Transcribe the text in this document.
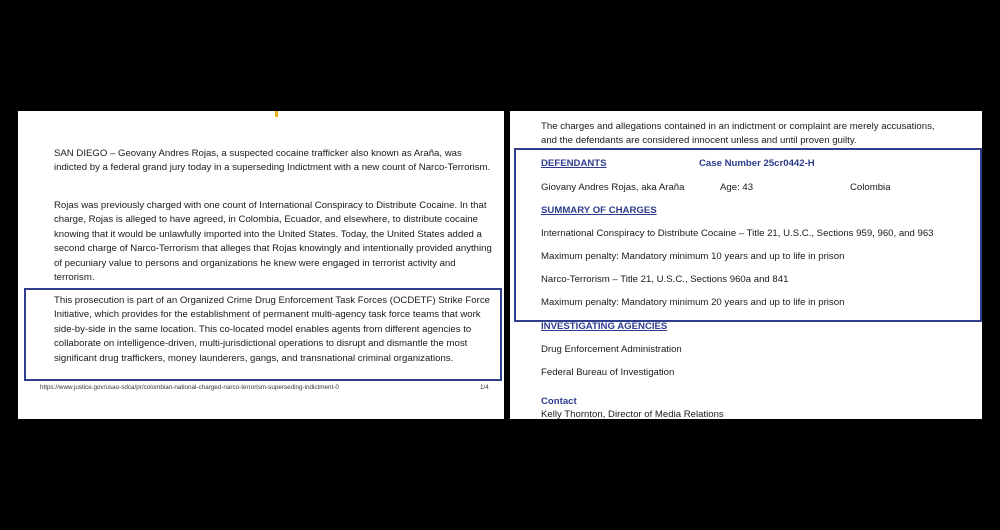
SAN DIEGO – Geovany Andres Rojas, a suspected cocaine trafficker also known as Araña, was indicted by a federal grand jury today in a superseding Indictment with a new count of Narco-Terrorism.

Rojas was previously charged with one count of International Conspiracy to Distribute Cocaine. In that charge, Rojas is alleged to have agreed, in Colombia, Ecuador, and elsewhere, to distribute cocaine knowing that it would be unlawfully imported into the United States. Today, the United States added a second charge of Narco-Terrorism that alleges that Rojas knowingly and intentionally provided anything of pecuniary value to persons and organizations he knew were engaged in terrorist activity and terrorism.

This prosecution is part of an Organized Crime Drug Enforcement Task Forces (OCDETF) Strike Force Initiative, which provides for the establishment of permanent multi-agency task force teams that work side-by-side in the same location. This co-located model enables agents from different agencies to collaborate on intelligence-driven, multi-jurisdictional operations to disrupt and dismantle the most significant drug traffickers, money launderers, gangs, and transnational criminal organizations.

https://www.justice.gov/usao-sdca/pr/colombian-national-charged-narco-terrorism-superseding-indictment-0	1/4
The charges and allegations contained in an indictment or complaint are merely accusations,
and the defendants are considered innocent unless and until proven guilty.
DEFENDANTS	Case Number 25cr0442-H
Giovany Andres Rojas, aka Araña	Age: 43	Colombia
SUMMARY OF CHARGES
International Conspiracy to Distribute Cocaine – Title 21, U.S.C., Sections 959, 960, and 963
Maximum penalty: Mandatory minimum 10 years and up to life in prison
Narco-Terrorism – Title 21, U.S.C., Sections 960a and 841
Maximum penalty: Mandatory minimum 20 years and up to life in prison
INVESTIGATING AGENCIES
Drug Enforcement Administration
Federal Bureau of Investigation
Contact
Kelly Thornton, Director of Media Relations
